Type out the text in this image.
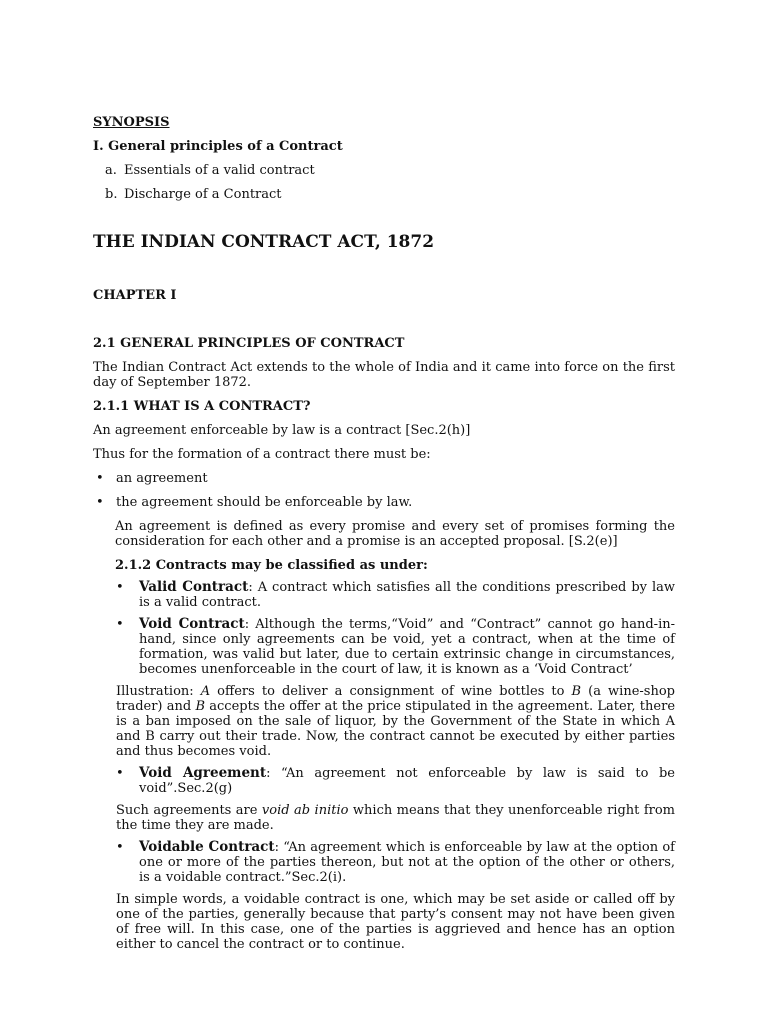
SYNOPSIS
I. General principles of a Contract
a. Essentials of a valid contract
b. Discharge of a Contract
THE INDIAN CONTRACT ACT, 1872
CHAPTER I
2.1 GENERAL PRINCIPLES OF CONTRACT

The Indian Contract Act extends to the whole of India and it came into force on the first day of September 1872.

2.1.1 WHAT IS A CONTRACT?

An agreement enforceable by law is a contract [Sec.2(h)]

Thus for the formation of a contract there must be:

• an agreement
• the agreement should be enforceable by law.

An agreement is defined as every promise and every set of promises forming the consideration for each other and a promise is an accepted proposal. [S.2(e)]

2.1.2 Contracts may be classified as under:
• Valid Contract: A contract which satisfies all the conditions prescribed by law is a valid contract.
• Void Contract: Although the terms,“Void” and “Contract” cannot go hand-in-hand, since only agreements can be void, yet a contract, when at the time of formation, was valid but later, due to certain extrinsic change in circumstances, becomes unenforceable in the court of law, it is known as a ‘Void Contract’

Illustration: A offers to deliver a consignment of wine bottles to B (a wine-shop trader) and B accepts the offer at the price stipulated in the agreement. Later, there is a ban imposed on the sale of liquor, by the Government of the State in which A and B carry out their trade. Now, the contract cannot be executed by either parties and thus becomes void.

• Void Agreement: “An agreement not enforceable by law is said to be void”.Sec.2(g)

Such agreements are void ab initio which means that they unenforceable right from the time they are made.

• Voidable Contract: “An agreement which is enforceable by law at the option of one or more of the parties thereon, but not at the option of the other or others, is a voidable contract.”Sec.2(i).

In simple words, a voidable contract is one, which may be set aside or called off by one of the parties, generally because that party’s consent may not have been given of free will. In this case, one of the parties is aggrieved and hence has an option either to cancel the contract or to continue.
